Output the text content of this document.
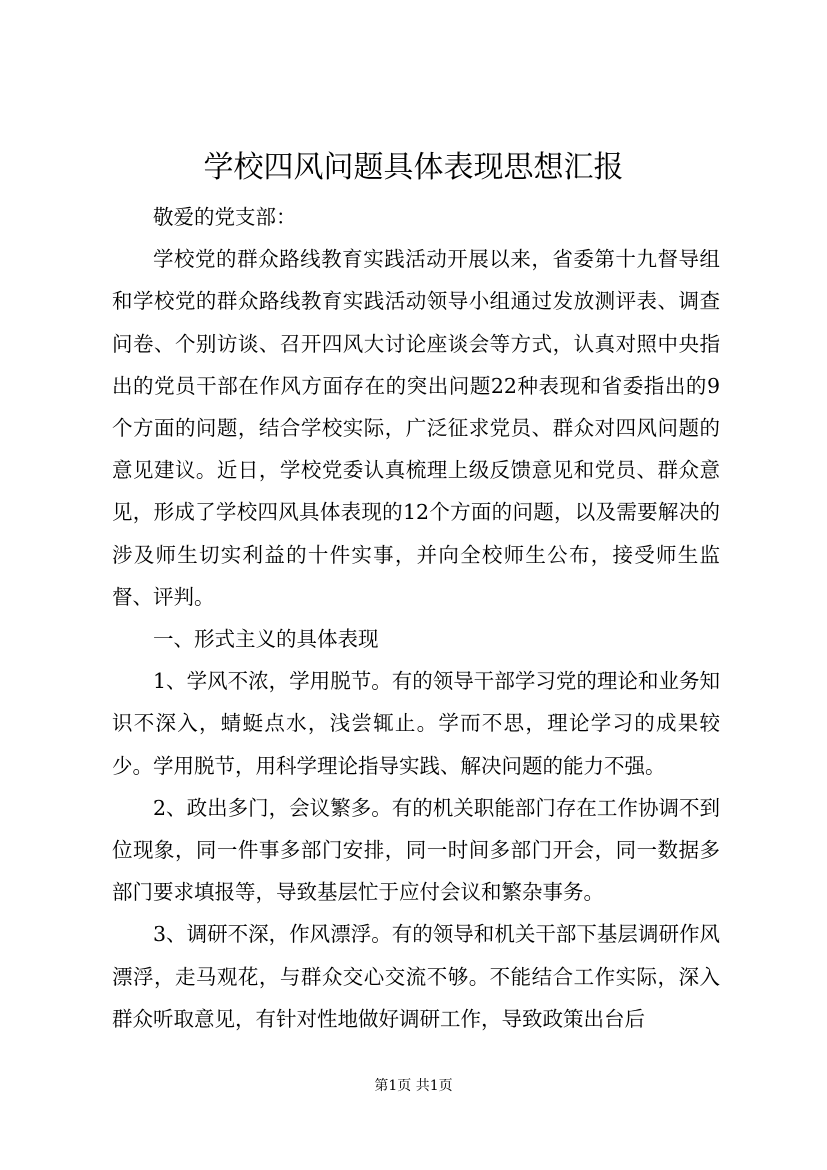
学校四风问题具体表现思想汇报

敬爱的党支部：

学校党的群众路线教育实践活动开展以来，省委第十九督导组和学校党的群众路线教育实践活动领导小组通过发放测评表、调查问卷、个别访谈、召开四风大讨论座谈会等方式，认真对照中央指出的党员干部在作风方面存在的突出问题22种表现和省委指出的9个方面的问题，结合学校实际，广泛征求党员、群众对四风问题的意见建议。近日，学校党委认真梳理上级反馈意见和党员、群众意见，形成了学校四风具体表现的12个方面的问题，以及需要解决的涉及师生切实利益的十件实事，并向全校师生公布，接受师生监督、评判。

一、形式主义的具体表现

1、学风不浓，学用脱节。有的领导干部学习党的理论和业务知识不深入，蜻蜓点水，浅尝辄止。学而不思，理论学习的成果较少。学用脱节，用科学理论指导实践、解决问题的能力不强。

2、政出多门，会议繁多。有的机关职能部门存在工作协调不到位现象，同一件事多部门安排，同一时间多部门开会，同一数据多部门要求填报等，导致基层忙于应付会议和繁杂事务。

3、调研不深，作风漂浮。有的领导和机关干部下基层调研作风漂浮，走马观花，与群众交心交流不够。不能结合工作实际，深入群众听取意见，有针对性地做好调研工作，导致政策出台后

第1页 共1页
